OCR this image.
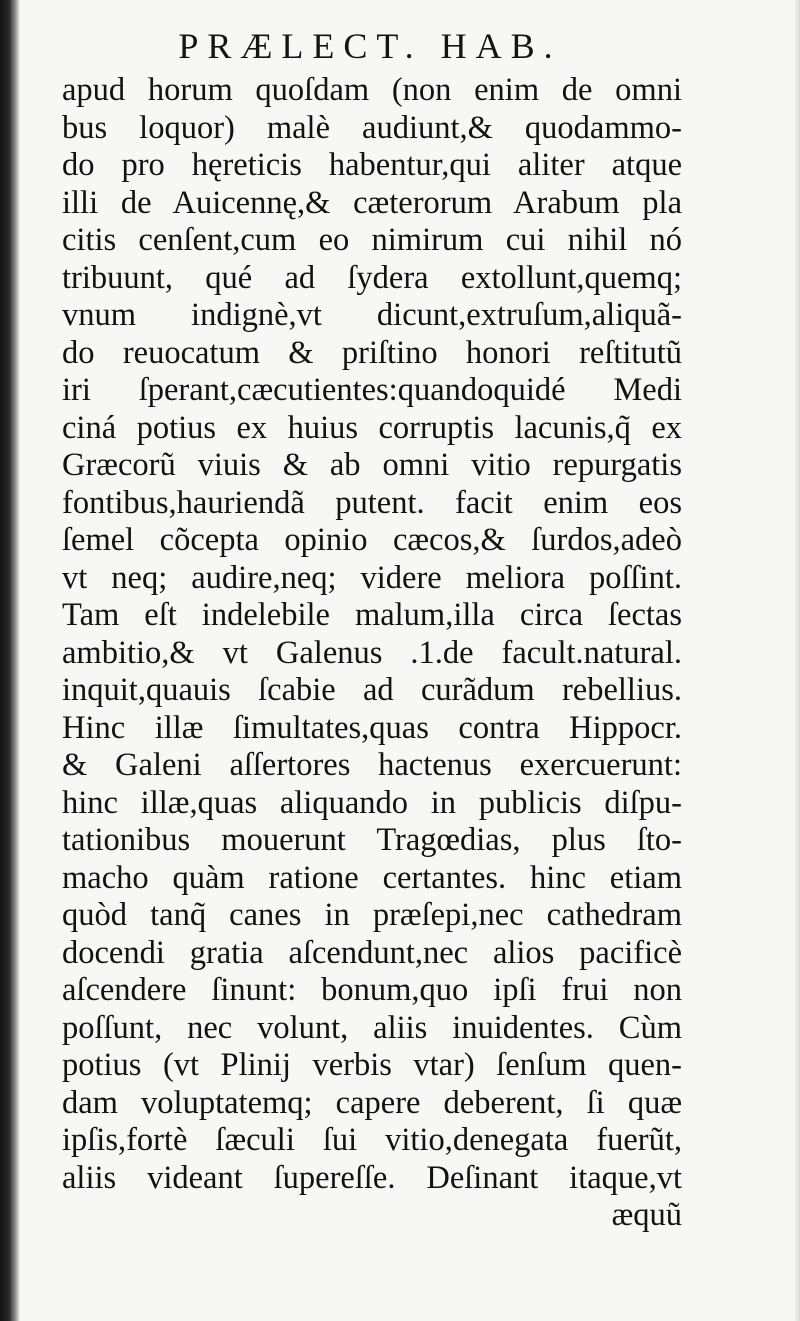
PRÆLECT. HAB.
apud horum quoſdam (non enim de omni
bus loquor) malè audiunt,& quodammo-
do pro hęreticis habentur,qui aliter atque
illi de Auicennę,& cæterorum Arabum pla
citis cenſent,cum eo nimirum cui nihil nó
tribuunt, qué ad ſydera extollunt,quemq;
vnum indignè,vt dicunt,extruſum,aliquã-
do reuocatum & priſtino honori reſtitutũ
iri ſperant,cæcutientes:quandoquidé Medi
ciná potius ex huius corruptis lacunis,q̃ ex
Græcorũ viuis & ab omni vitio repurgatis
fontibus,hauriendã putent. facit enim eos
ſemel cõcepta opinio cæcos,& ſurdos,adeò
vt neq; audire,neq; videre meliora poſſint.
Tam eſt indelebile malum,illa circa ſectas
ambitio,& vt Galenus .1.de facult.natural.
inquit,quauis ſcabie ad curãdum rebellius.
Hinc illæ ſimultates,quas contra Hippocr.
& Galeni aſſertores hactenus exercuerunt:
hinc illæ,quas aliquando in publicis diſpu-
tationibus mouerunt Tragœdias, plus ſto-
macho quàm ratione certantes. hinc etiam
quòd tanq̃ canes in præſepi,nec cathedram
docendi gratia aſcendunt,nec alios pacificè
aſcendere ſinunt: bonum,quo ipſi frui non
poſſunt, nec volunt, aliis inuidentes. Cùm
potius (vt Plinij verbis vtar) ſenſum quen-
dam voluptatemq; capere deberent, ſi quæ
ipſis,fortè ſæculi ſui vitio,denegata fuerũt,
aliis videant ſupereſſe. Deſinant itaque,vt
æquũ
